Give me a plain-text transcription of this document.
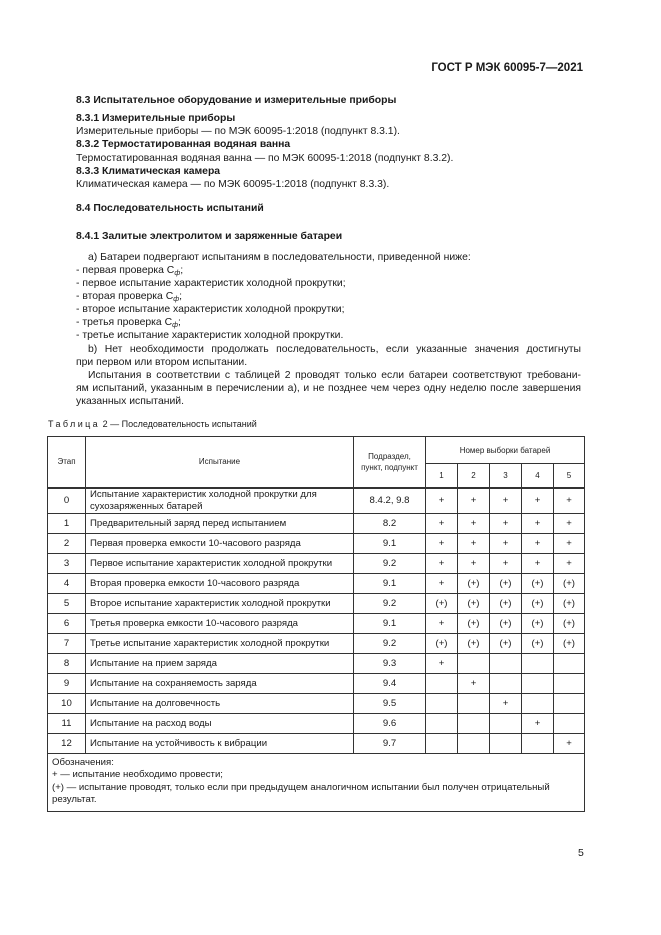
ГОСТ Р МЭК 60095-7—2021
8.3 Испытательное оборудование и измерительные приборы
8.3.1 Измерительные приборы
Измерительные приборы — по МЭК 60095-1:2018 (подпункт 8.3.1).
8.3.2 Термостатированная водяная ванна
Термостатированная водяная ванна — по МЭК 60095-1:2018 (подпункт 8.3.2).
8.3.3 Климатическая камера
Климатическая камера — по МЭК 60095-1:2018 (подпункт 8.3.3).
8.4 Последовательность испытаний
8.4.1 Залитые электролитом и заряженные батареи
а) Батареи подвергают испытаниям в последовательности, приведенной ниже:
- первая проверка $C_ф$;
- первое испытание характеристик холодной прокрутки;
- вторая проверка $C_ф$;
- второе испытание характеристик холодной прокрутки;
- третья проверка $C_ф$;
- третье испытание характеристик холодной прокрутки.
b) Нет необходимости продолжать последовательность, если указанные значения достигнуты
при первом или втором испытании.
Испытания в соответствии с таблицей 2 проводят только если батареи соответствуют требовани-
ям испытаний, указанным в перечислении а), и не позднее чем через одну неделю после завершения
указанных испытаний.
Таблица 2 — Последовательность испытаний
Этап	Испытание	Подраздел, пункт, подпункт	Номер выборки батарей				
			1	2	3	4	5
0	Испытание характеристик холодной прокрутки для сухозаряженных батарей	8.4.2, 9.8	+	+	+	+	+
1	Предварительный заряд перед испытанием	8.2	+	+	+	+	+
2	Первая проверка емкости 10-часового разряда	9.1	+	+	+	+	+
3	Первое испытание характеристик холодной прокрутки	9.2	+	+	+	+	+
4	Вторая проверка емкости 10-часового разряда	9.1	+	(+)	(+)	(+)	(+)
5	Второе испытание характеристик холодной прокрутки	9.2	(+)	(+)	(+)	(+)	(+)
6	Третья проверка емкости 10-часового разряда	9.1	+	(+)	(+)	(+)	(+)
7	Третье испытание характеристик холодной прокрутки	9.2	(+)	(+)	(+)	(+)	(+)
8	Испытание на прием заряда	9.3	+				
9	Испытание на сохраняемость заряда	9.4		+			
10	Испытание на долговечность	9.5			+		
11	Испытание на расход воды	9.6				+	
12	Испытание на устойчивость к вибрации	9.7					+

Обозначения:
+ — испытание необходимо провести;
(+) — испытание проводят, только если при предыдущем аналогичном испытании был получен отрицательный результат.							
5
